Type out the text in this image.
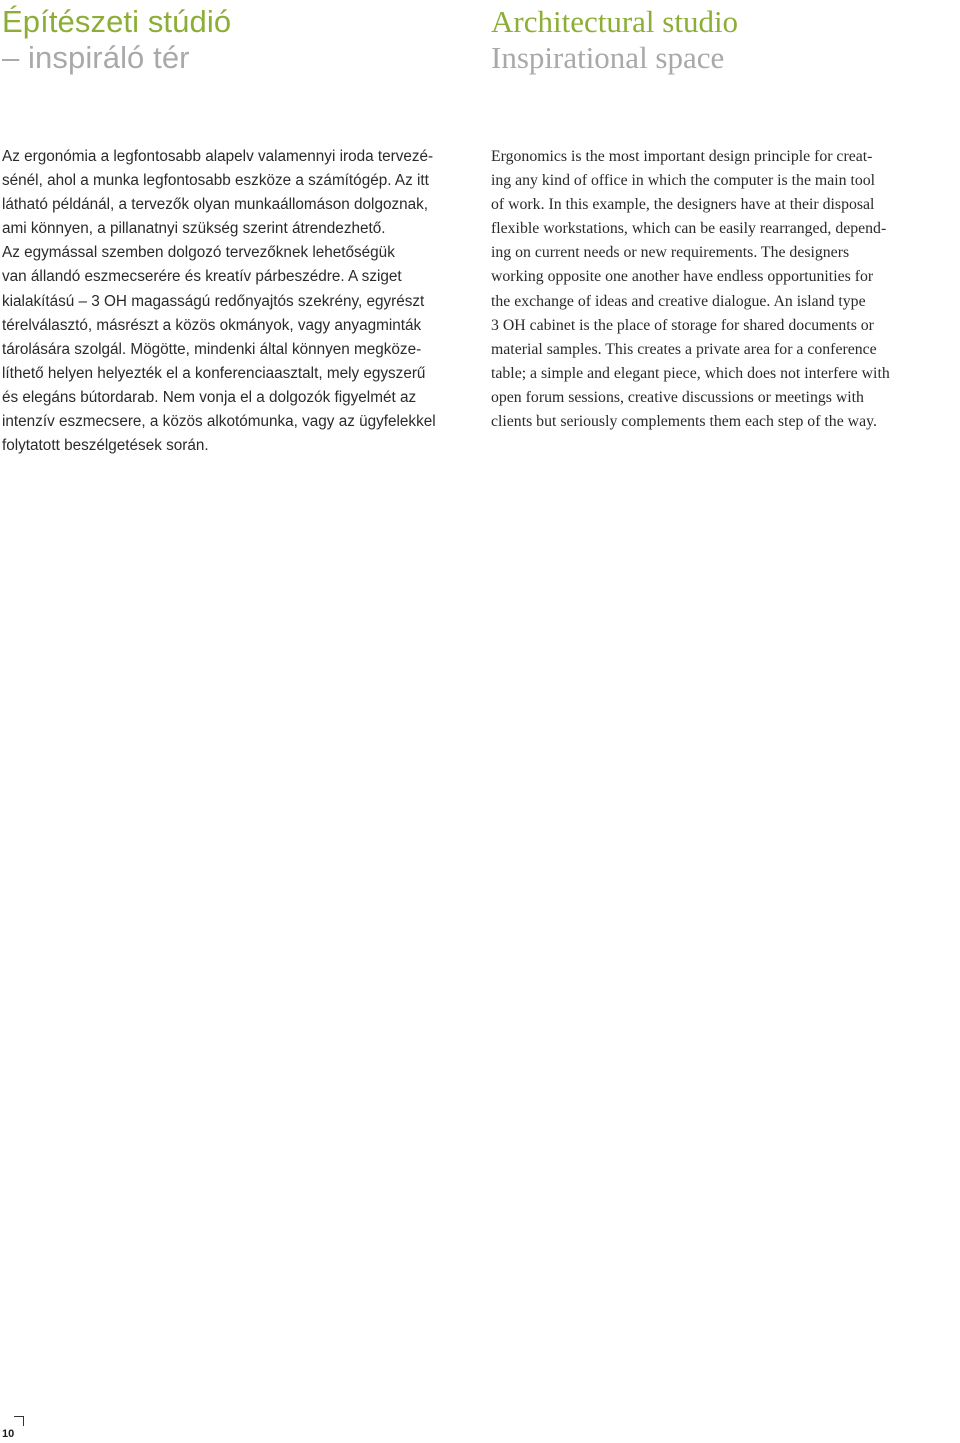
Építészeti stúdió
– inspiráló tér

Az ergonómia a legfontosabb alapelv valamennyi iroda tervezé-
sénél, ahol a munka legfontosabb eszköze a számítógép. Az itt
látható példánál, a tervezők olyan munkaállomáson dolgoznak,
ami könnyen, a pillanatnyi szükség szerint átrendezhető.
Az egymással szemben dolgozó tervezőknek lehetőségük
van állandó eszmecserére és kreatív párbeszédre. A sziget
kialakítású – 3 OH magasságú redőnyajtós szekrény, egyrészt
térelválasztó, másrészt a közös okmányok, vagy anyagminták
tárolására szolgál. Mögötte, mindenki által könnyen megköze-
líthető helyen helyezték el a konferenciaasztalt, mely egyszerű
és elegáns bútordarab. Nem vonja el a dolgozók figyelmét az
intenzív eszmecsere, a közös alkotómunka, vagy az ügyfelekkel
folytatott beszélgetések során.

Architectural studio
Inspirational space

Ergonomics is the most important design principle for creat-
ing any kind of office in which the computer is the main tool
of work. In this example, the designers have at their disposal
flexible workstations, which can be easily rearranged, depend-
ing on current needs or new requirements. The designers
working opposite one another have endless opportunities for
the exchange of ideas and creative dialogue. An island type
3 OH cabinet is the place of storage for shared documents or
material samples. This creates a private area for a conference
table; a simple and elegant piece, which does not interfere with
open forum sessions, creative discussions or meetings with
clients but seriously complements them each step of the way.

10
